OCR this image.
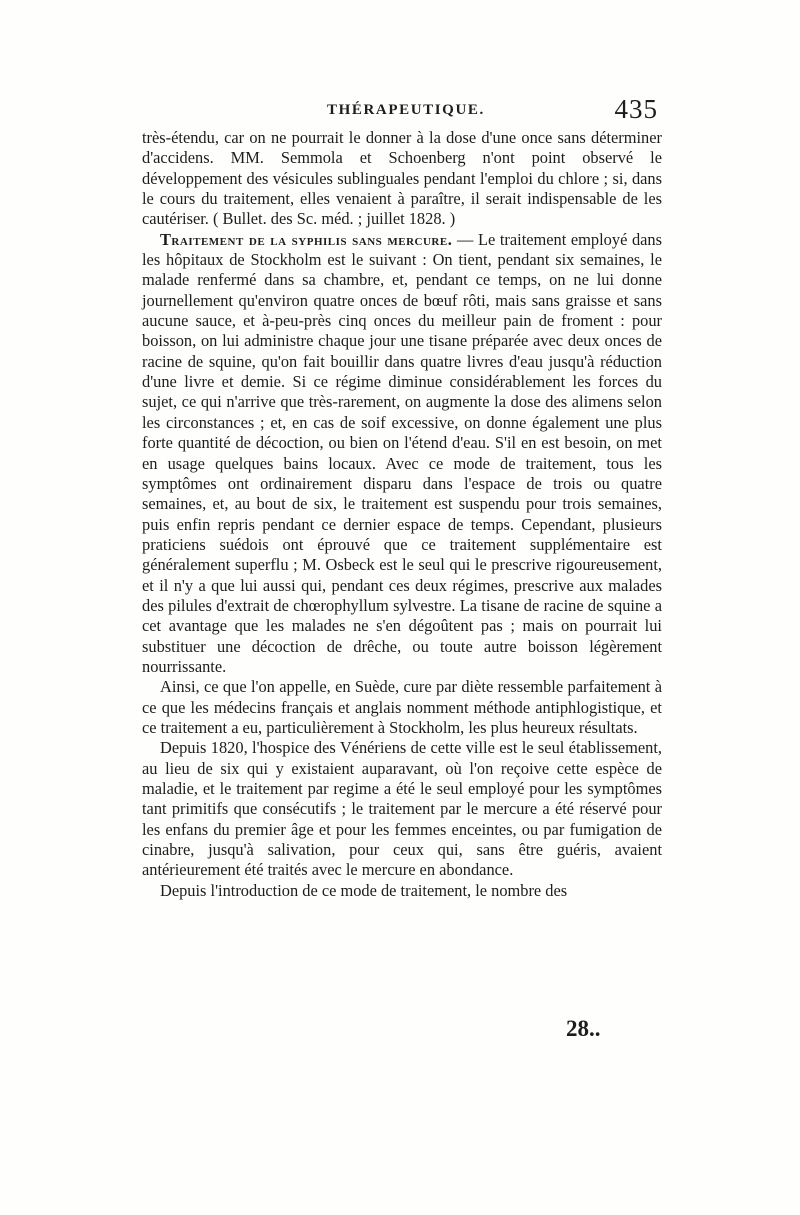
THÉRAPEUTIQUE.	435

très-étendu, car on ne pourrait le donner à la dose d'une once sans déterminer d'accidens. MM. Semmola et Schoenberg n'ont point observé le développement des vésicules sublinguales pendant l'emploi du chlore ; si, dans le cours du traitement, elles venaient à paraître, il serait indispensable de les cautériser. ( Bullet. des Sc. méd. ; juillet 1828. )

Traitement de la syphilis sans mercure. — Le traitement employé dans les hôpitaux de Stockholm est le suivant : On tient, pendant six semaines, le malade renfermé dans sa chambre, et, pendant ce temps, on ne lui donne journellement qu'environ quatre onces de bœuf rôti, mais sans graisse et sans aucune sauce, et à-peu-près cinq onces du meilleur pain de froment : pour boisson, on lui administre chaque jour une tisane préparée avec deux onces de racine de squine, qu'on fait bouillir dans quatre livres d'eau jusqu'à réduction d'une livre et demie. Si ce régime diminue considérablement les forces du sujet, ce qui n'arrive que très-rarement, on augmente la dose des alimens selon les circonstances ; et, en cas de soif excessive, on donne également une plus forte quantité de décoction, ou bien on l'étend d'eau. S'il en est besoin, on met en usage quelques bains locaux. Avec ce mode de traitement, tous les symptômes ont ordinairement disparu dans l'espace de trois ou quatre semaines, et, au bout de six, le traitement est suspendu pour trois semaines, puis enfin repris pendant ce dernier espace de temps. Cependant, plusieurs praticiens suédois ont éprouvé que ce traitement supplémentaire est généralement superflu ; M. Osbeck est le seul qui le prescrive rigoureusement, et il n'y a que lui aussi qui, pendant ces deux régimes, prescrive aux malades des pilules d'extrait de chœrophyllum sylvestre. La tisane de racine de squine a cet avantage que les malades ne s'en dégoûtent pas ; mais on pourrait lui substituer une décoction de drêche, ou toute autre boisson légèrement nourrissante.

Ainsi, ce que l'on appelle, en Suède, cure par diète ressemble parfaitement à ce que les médecins français et anglais nomment méthode antiphlogistique, et ce traitement a eu, particulièrement à Stockholm, les plus heureux résultats.

Depuis 1820, l'hospice des Vénériens de cette ville est le seul établissement, au lieu de six qui y existaient auparavant, où l'on reçoive cette espèce de maladie, et le traitement par regime a été le seul employé pour les symptômes tant primitifs que consécutifs ; le traitement par le mercure a été réservé pour les enfans du premier âge et pour les femmes enceintes, ou par fumigation de cinabre, jusqu'à salivation, pour ceux qui, sans être guéris, avaient antérieurement été traités avec le mercure en abondance.

Depuis l'introduction de ce mode de traitement, le nombre des

28..
